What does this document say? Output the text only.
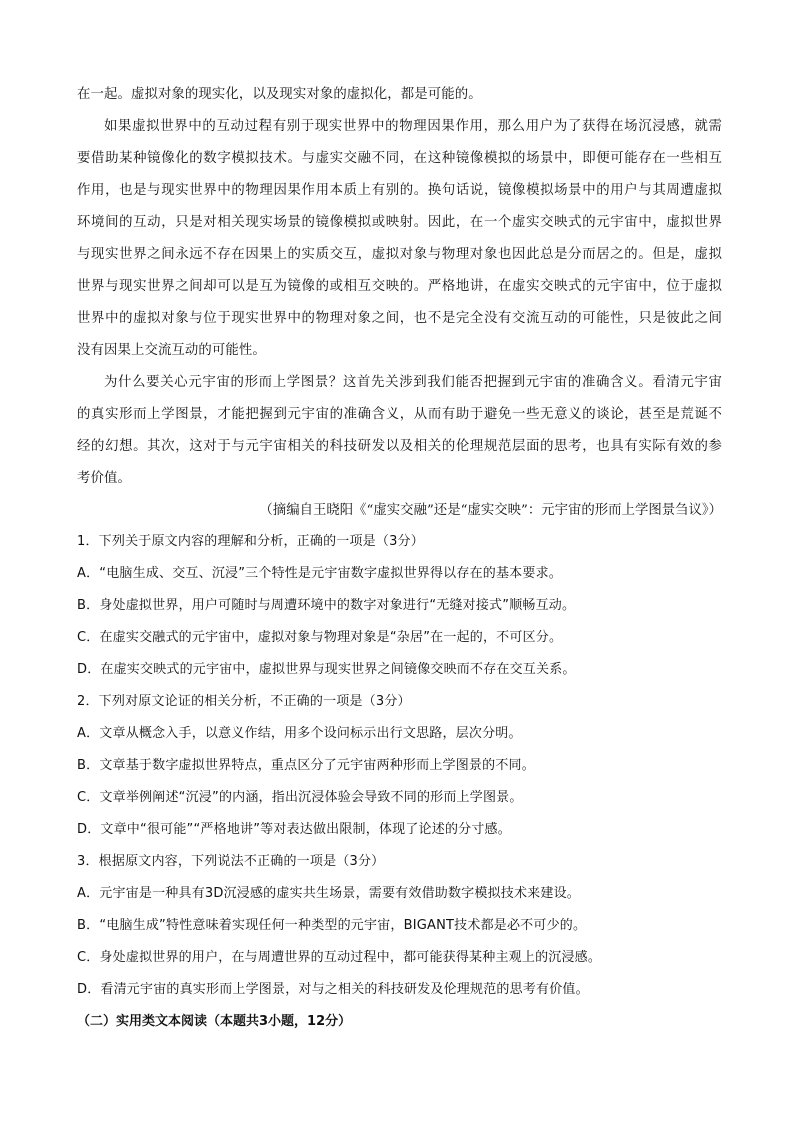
在一起。虚拟对象的现实化，以及现实对象的虚拟化，都是可能的。
如果虚拟世界中的互动过程有别于现实世界中的物理因果作用，那么用户为了获得在场沉浸感，就需
要借助某种镜像化的数字模拟技术。与虚实交融不同，在这种镜像模拟的场景中，即便可能存在一些相互
作用，也是与现实世界中的物理因果作用本质上有别的。换句话说，镜像模拟场景中的用户与其周遭虚拟
环境间的互动，只是对相关现实场景的镜像模拟或映射。因此，在一个虚实交映式的元宇宙中，虚拟世界
与现实世界之间永远不存在因果上的实质交互，虚拟对象与物理对象也因此总是分而居之的。但是，虚拟
世界与现实世界之间却可以是互为镜像的或相互交映的。严格地讲，在虚实交映式的元宇宙中，位于虚拟
世界中的虚拟对象与位于现实世界中的物理对象之间，也不是完全没有交流互动的可能性，只是彼此之间
没有因果上交流互动的可能性。
为什么要关心元宇宙的形而上学图景？这首先关涉到我们能否把握到元宇宙的准确含义。看清元宇宙
的真实形而上学图景，才能把握到元宇宙的准确含义，从而有助于避免一些无意义的谈论，甚至是荒诞不
经的幻想。其次，这对于与元宇宙相关的科技研发以及相关的伦理规范层面的思考，也具有实际有效的参
考价值。
（摘编自王晓阳《“虚实交融”还是“虚实交映”：元宇宙的形而上学图景刍议》）
1．下列关于原文内容的理解和分析，正确的一项是（3分）
A．“电脑生成、交互、沉浸”三个特性是元宇宙数字虚拟世界得以存在的基本要求。
B．身处虚拟世界，用户可随时与周遭环境中的数字对象进行“无缝对接式”顺畅互动。
C．在虚实交融式的元宇宙中，虚拟对象与物理对象是“杂居”在一起的，不可区分。
D．在虚实交映式的元宇宙中，虚拟世界与现实世界之间镜像交映而不存在交互关系。
2．下列对原文论证的相关分析，不正确的一项是（3分）
A．文章从概念入手，以意义作结，用多个设问标示出行文思路，层次分明。
B．文章基于数字虚拟世界特点，重点区分了元宇宙两种形而上学图景的不同。
C．文章举例阐述“沉浸”的内涵，指出沉浸体验会导致不同的形而上学图景。
D．文章中“很可能”“严格地讲”等对表达做出限制，体现了论述的分寸感。
3．根据原文内容，下列说法不正确的一项是（3分）
A．元宇宙是一种具有3D沉浸感的虚实共生场景，需要有效借助数字模拟技术来建设。
B．“电脑生成”特性意味着实现任何一种类型的元宇宙，BIGANT技术都是必不可少的。
C．身处虚拟世界的用户，在与周遭世界的互动过程中，都可能获得某种主观上的沉浸感。
D．看清元宇宙的真实形而上学图景，对与之相关的科技研发及伦理规范的思考有价值。
（二）实用类文本阅读（本题共3小题，12分）
